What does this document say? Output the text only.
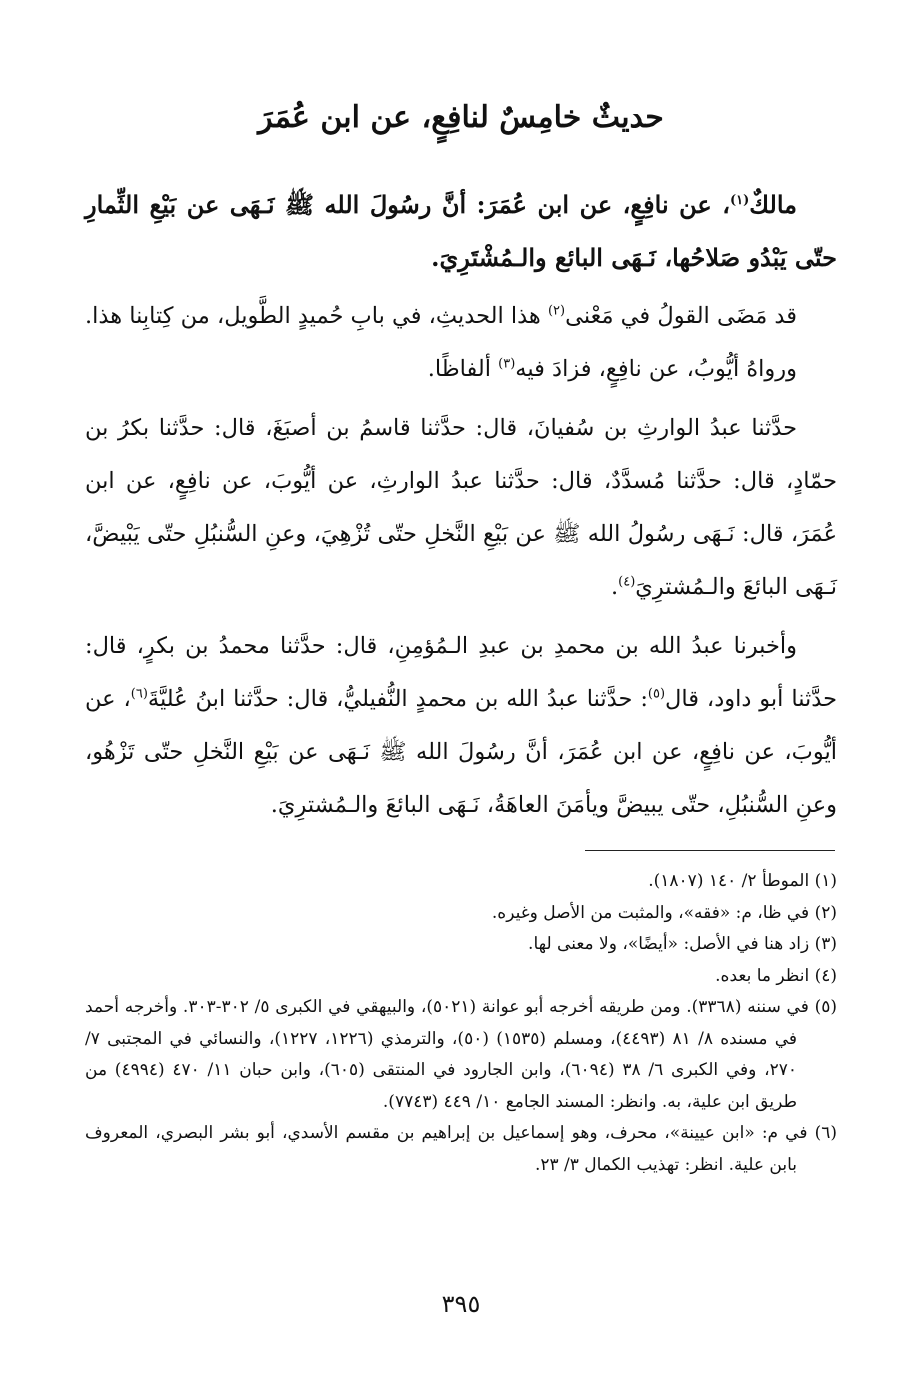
حديثٌ خامِسٌ لنافِعٍ، عن ابن عُمَرَ

مالكٌ$^{(١)}$، عن نافِعٍ، عن ابن عُمَرَ: أنَّ رسُولَ الله ﷺ نَـهَى عن بَيْعِ الثِّمارِ حتّى يَبْدُو صَلاحُها، نَـهَى البائع والـمُشْتَرِيَ.

قد مَضَى القولُ في مَعْنى$^{(٢)}$ هذا الحديثِ، في بابِ حُميدٍ الطَّويل، من كِتابِنا هذا.

ورواهُ أيُّوبُ، عن نافِعٍ، فزادَ فيه$^{(٣)}$ ألفاظًا.

حدَّثنا عبدُ الوارثِ بن سُفيانَ، قال: حدَّثنا قاسمُ بن أصبَغَ، قال: حدَّثنا بكرُ بن حمّادٍ، قال: حدَّثنا مُسدَّدٌ، قال: حدَّثنا عبدُ الوارثِ، عن أيُّوبَ، عن نافِعٍ، عن ابن عُمَرَ، قال: نَـهَى رسُولُ الله ﷺ عن بَيْعِ النَّخلِ حتّى تُزْهِيَ، وعنِ السُّنبُلِ حتّى يَبْيضَّ، نَـهَى البائعَ والـمُشترِيَ$^{(٤)}$.

وأخبرنا عبدُ الله بن محمدِ بن عبدِ الـمُؤمِنِ، قال: حدَّثنا محمدُ بن بكرٍ، قال: حدَّثنا أبو داود، قال$^{(٥)}$: حدَّثنا عبدُ الله بن محمدٍ النُّفيليُّ، قال: حدَّثنا ابنُ عُليَّةَ$^{(٦)}$، عن أيُّوبَ، عن نافِعٍ، عن ابن عُمَرَ، أنَّ رسُولَ الله ﷺ نَـهَى عن بَيْعِ النَّخلِ حتّى تَزْهُو، وعنِ السُّنبُلِ، حتّى يبيضَّ ويأمَنَ العاهَةُ، نَـهَى البائعَ والـمُشترِيَ.

(١) الموطأ ٢/ ١٤٠ (١٨٠٧).

(٢) في ظا، م: «فقه»، والمثبت من الأصل وغيره.

(٣) زاد هنا في الأصل: «أيضًا»، ولا معنى لها.

(٤) انظر ما بعده.

(٥) في سننه (٣٣٦٨). ومن طريقه أخرجه أبو عوانة (٥٠٢١)، والبيهقي في الكبرى ٥/ ٣٠٢-٣٠٣. وأخرجه أحمد في مسنده ٨/ ٨١ (٤٤٩٣)، ومسلم (١٥٣٥) (٥٠)، والترمذي (١٢٢٦، ١٢٢٧)، والنسائي في المجتبى ٧/ ٢٧٠، وفي الكبرى ٦/ ٣٨ (٦٠٩٤)، وابن الجارود في المنتقى (٦٠٥)، وابن حبان ١١/ ٤٧٠ (٤٩٩٤) من طريق ابن علية، به. وانظر: المسند الجامع ١٠/ ٤٤٩ (٧٧٤٣).

(٦) في م: «ابن عيينة»، محرف، وهو إسماعيل بن إبراهيم بن مقسم الأسدي، أبو بشر البصري، المعروف بابن علية. انظر: تهذيب الكمال ٣/ ٢٣.

٣٩٥
